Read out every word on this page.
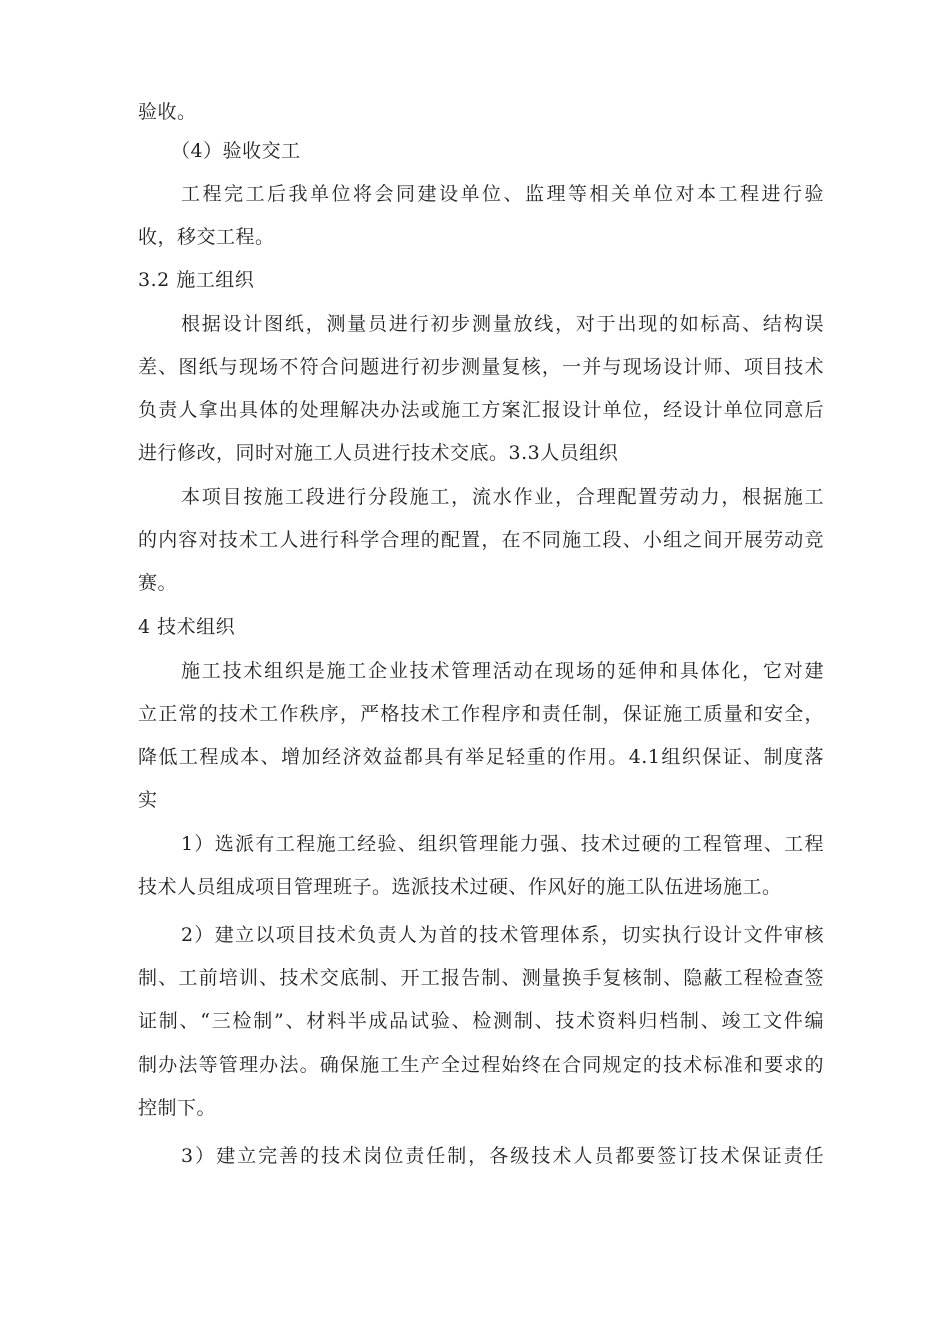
验收。
（4）验收交工
工程完工后我单位将会同建设单位、监理等相关单位对本工程进行验
收，移交工程。
3.2 施工组织
根据设计图纸，测量员进行初步测量放线，对于出现的如标高、结构误
差、图纸与现场不符合问题进行初步测量复核，一并与现场设计师、项目技术
负责人拿出具体的处理解决办法或施工方案汇报设计单位，经设计单位同意后
进行修改，同时对施工人员进行技术交底。3.3人员组织
本项目按施工段进行分段施工，流水作业，合理配置劳动力，根据施工
的内容对技术工人进行科学合理的配置，在不同施工段、小组之间开展劳动竞
赛。
4 技术组织
施工技术组织是施工企业技术管理活动在现场的延伸和具体化，它对建
立正常的技术工作秩序，严格技术工作程序和责任制，保证施工质量和安全，
降低工程成本、增加经济效益都具有举足轻重的作用。4.1组织保证、制度落
实
1）选派有工程施工经验、组织管理能力强、技术过硬的工程管理、工程
技术人员组成项目管理班子。选派技术过硬、作风好的施工队伍进场施工。
2）建立以项目技术负责人为首的技术管理体系，切实执行设计文件审核
制、工前培训、技术交底制、开工报告制、测量换手复核制、隐蔽工程检查签
证制、“三检制”、材料半成品试验、检测制、技术资料归档制、竣工文件编
制办法等管理办法。确保施工生产全过程始终在合同规定的技术标准和要求的
控制下。
3）建立完善的技术岗位责任制，各级技术人员都要签订技术保证责任
